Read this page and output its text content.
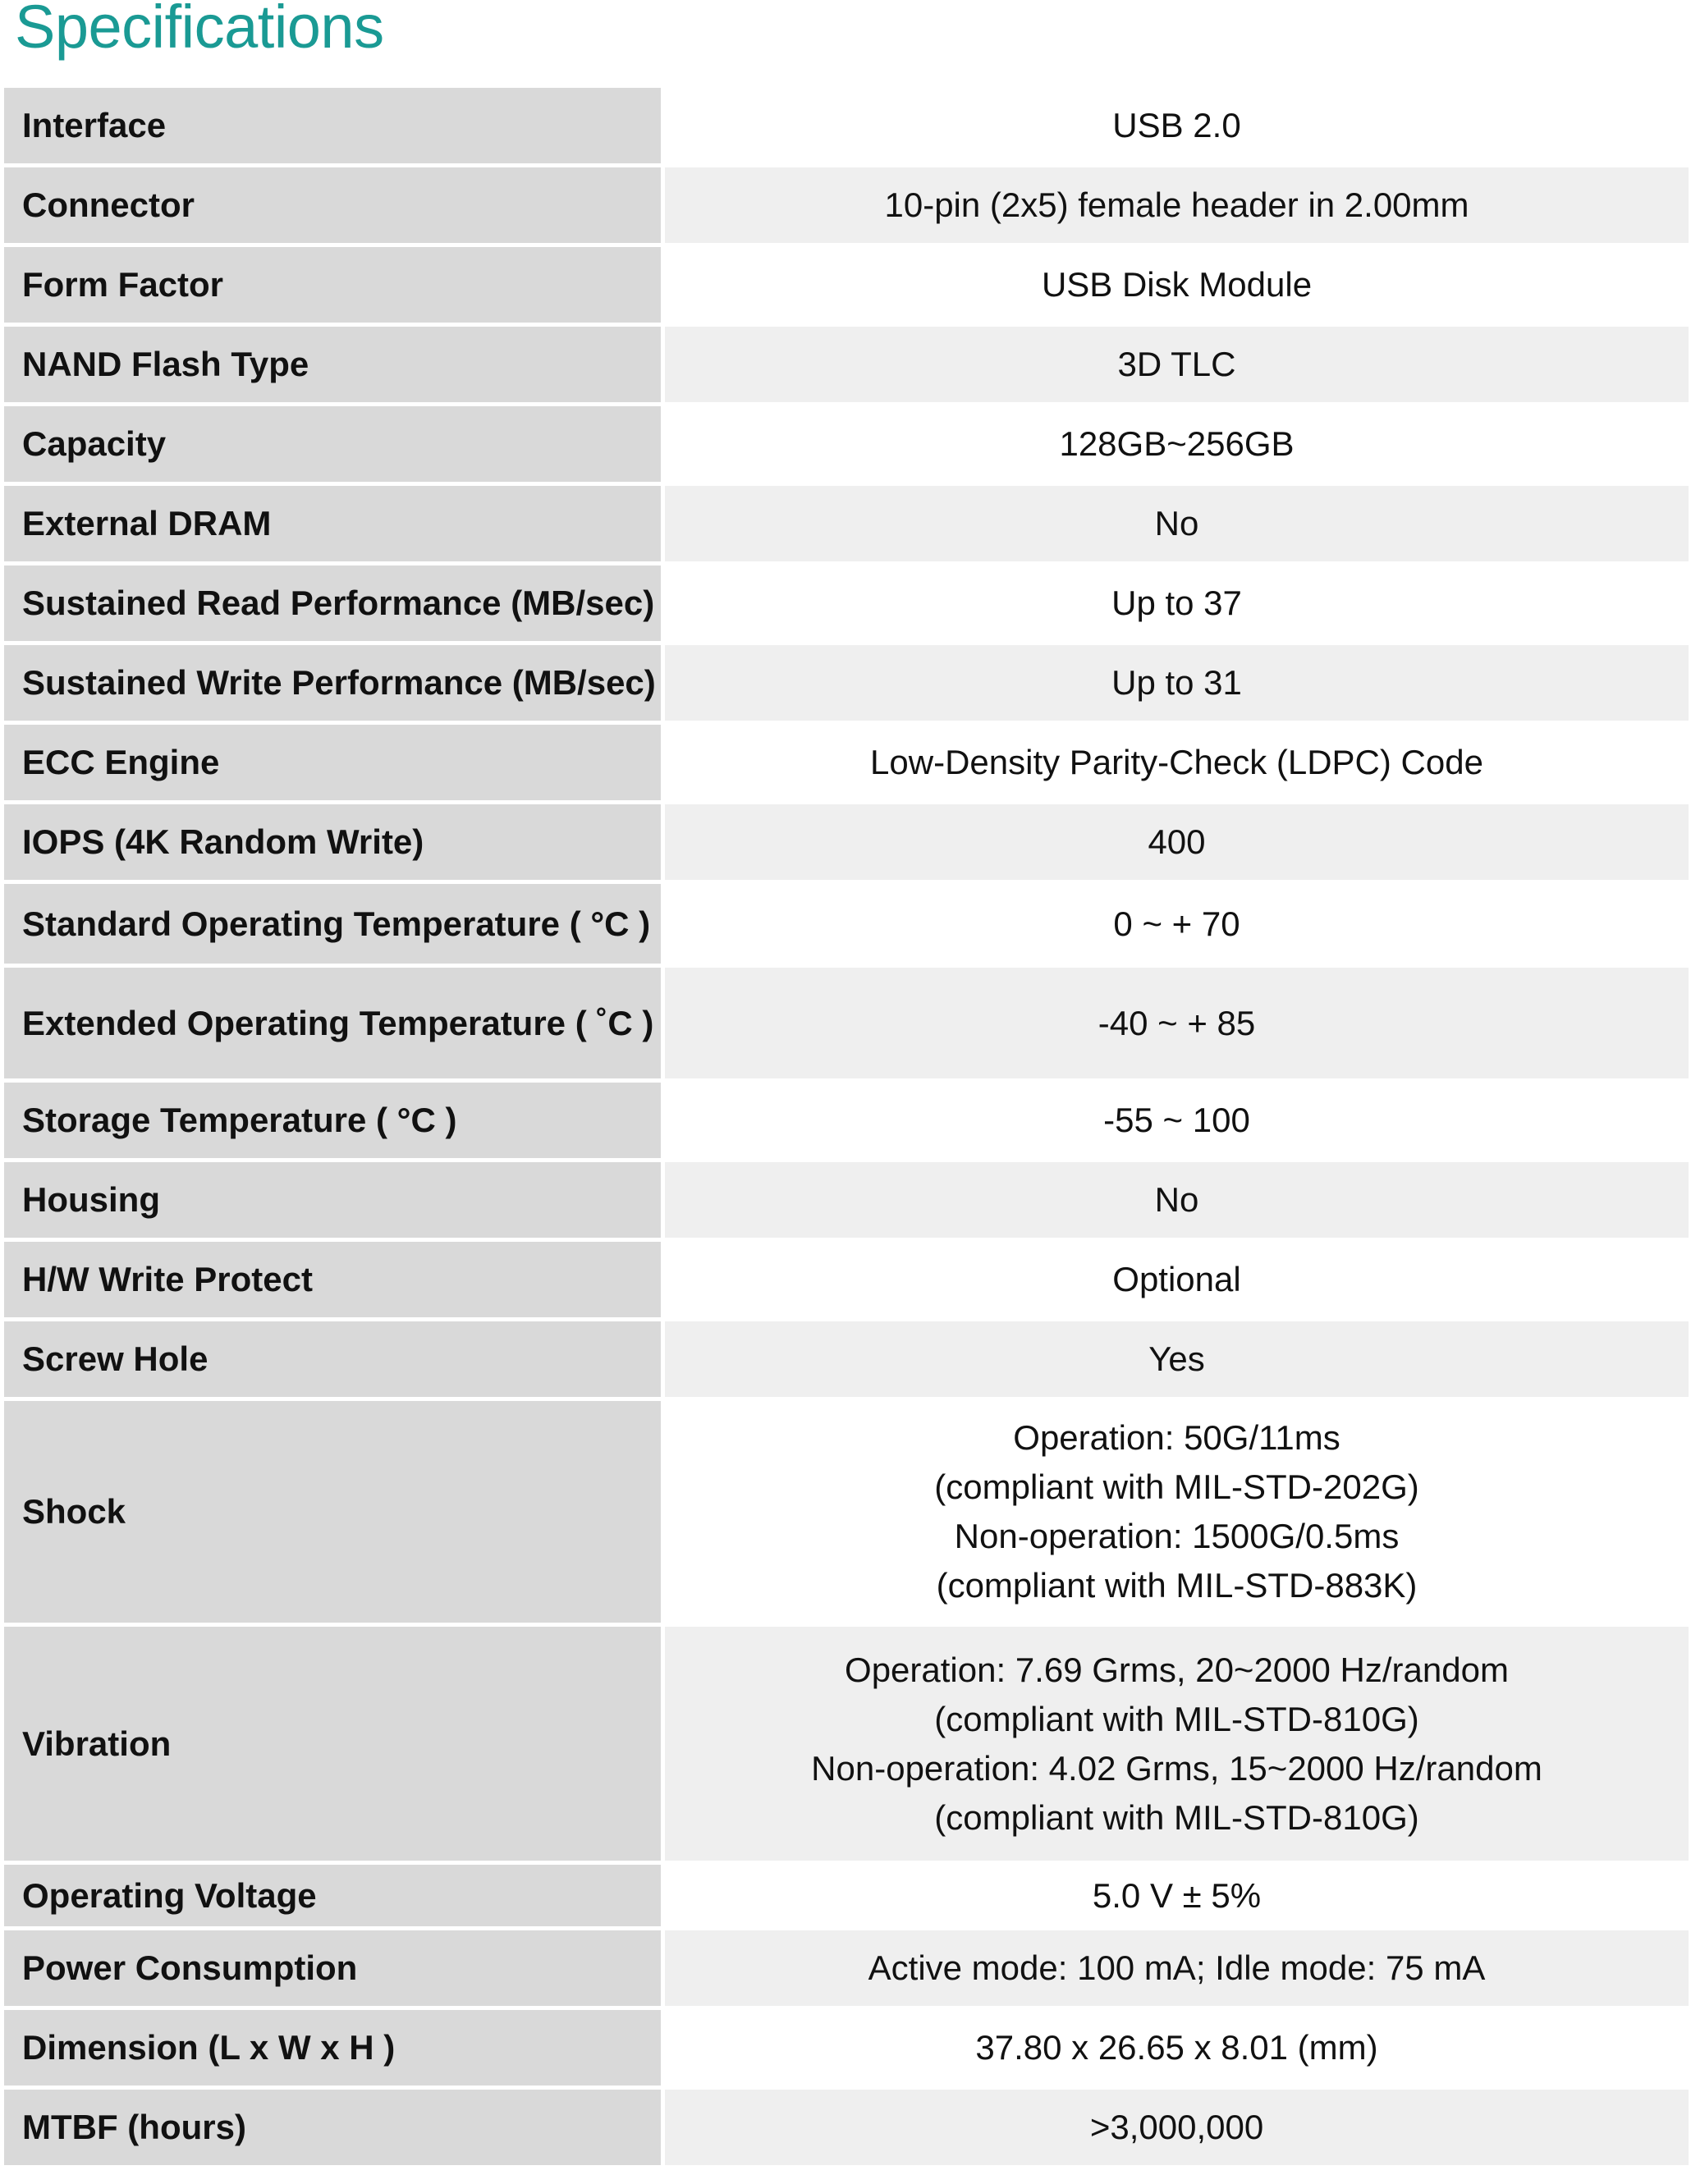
Specifications
Interface	USB 2.0

Connector	10-pin (2x5) female header in 2.00mm

Form Factor	USB Disk Module

NAND Flash Type	3D TLC

Capacity	128GB~256GB

External DRAM	No

Sustained Read Performance (MB/sec)	Up to 37

Sustained Write Performance (MB/sec)	Up to 31

ECC Engine	Low-Density Parity-Check (LDPC) Code

IOPS (4K Random Write)	400

Standard Operating Temperature ( °C )	0 ~ + 70

Extended Operating Temperature ( ˚C )	-40 ~ + 85

Storage Temperature ( °C )	-55 ~ 100

Housing	No

H/W Write Protect	Optional

Screw Hole	Yes

Shock	Operation: 50G/11ms
(compliant with MIL-STD-202G)
Non-operation: 1500G/0.5ms
(compliant with MIL-STD-883K)

Vibration	Operation: 7.69 Grms, 20~2000 Hz/random
(compliant with MIL-STD-810G)
Non-operation: 4.02 Grms, 15~2000 Hz/random
(compliant with MIL-STD-810G)

Operating Voltage	5.0 V ± 5%

Power Consumption	Active mode: 100 mA; Idle mode: 75 mA

Dimension (L x W x H )	37.80 x 26.65 x 8.01 (mm)

MTBF (hours)	>3,000,000
